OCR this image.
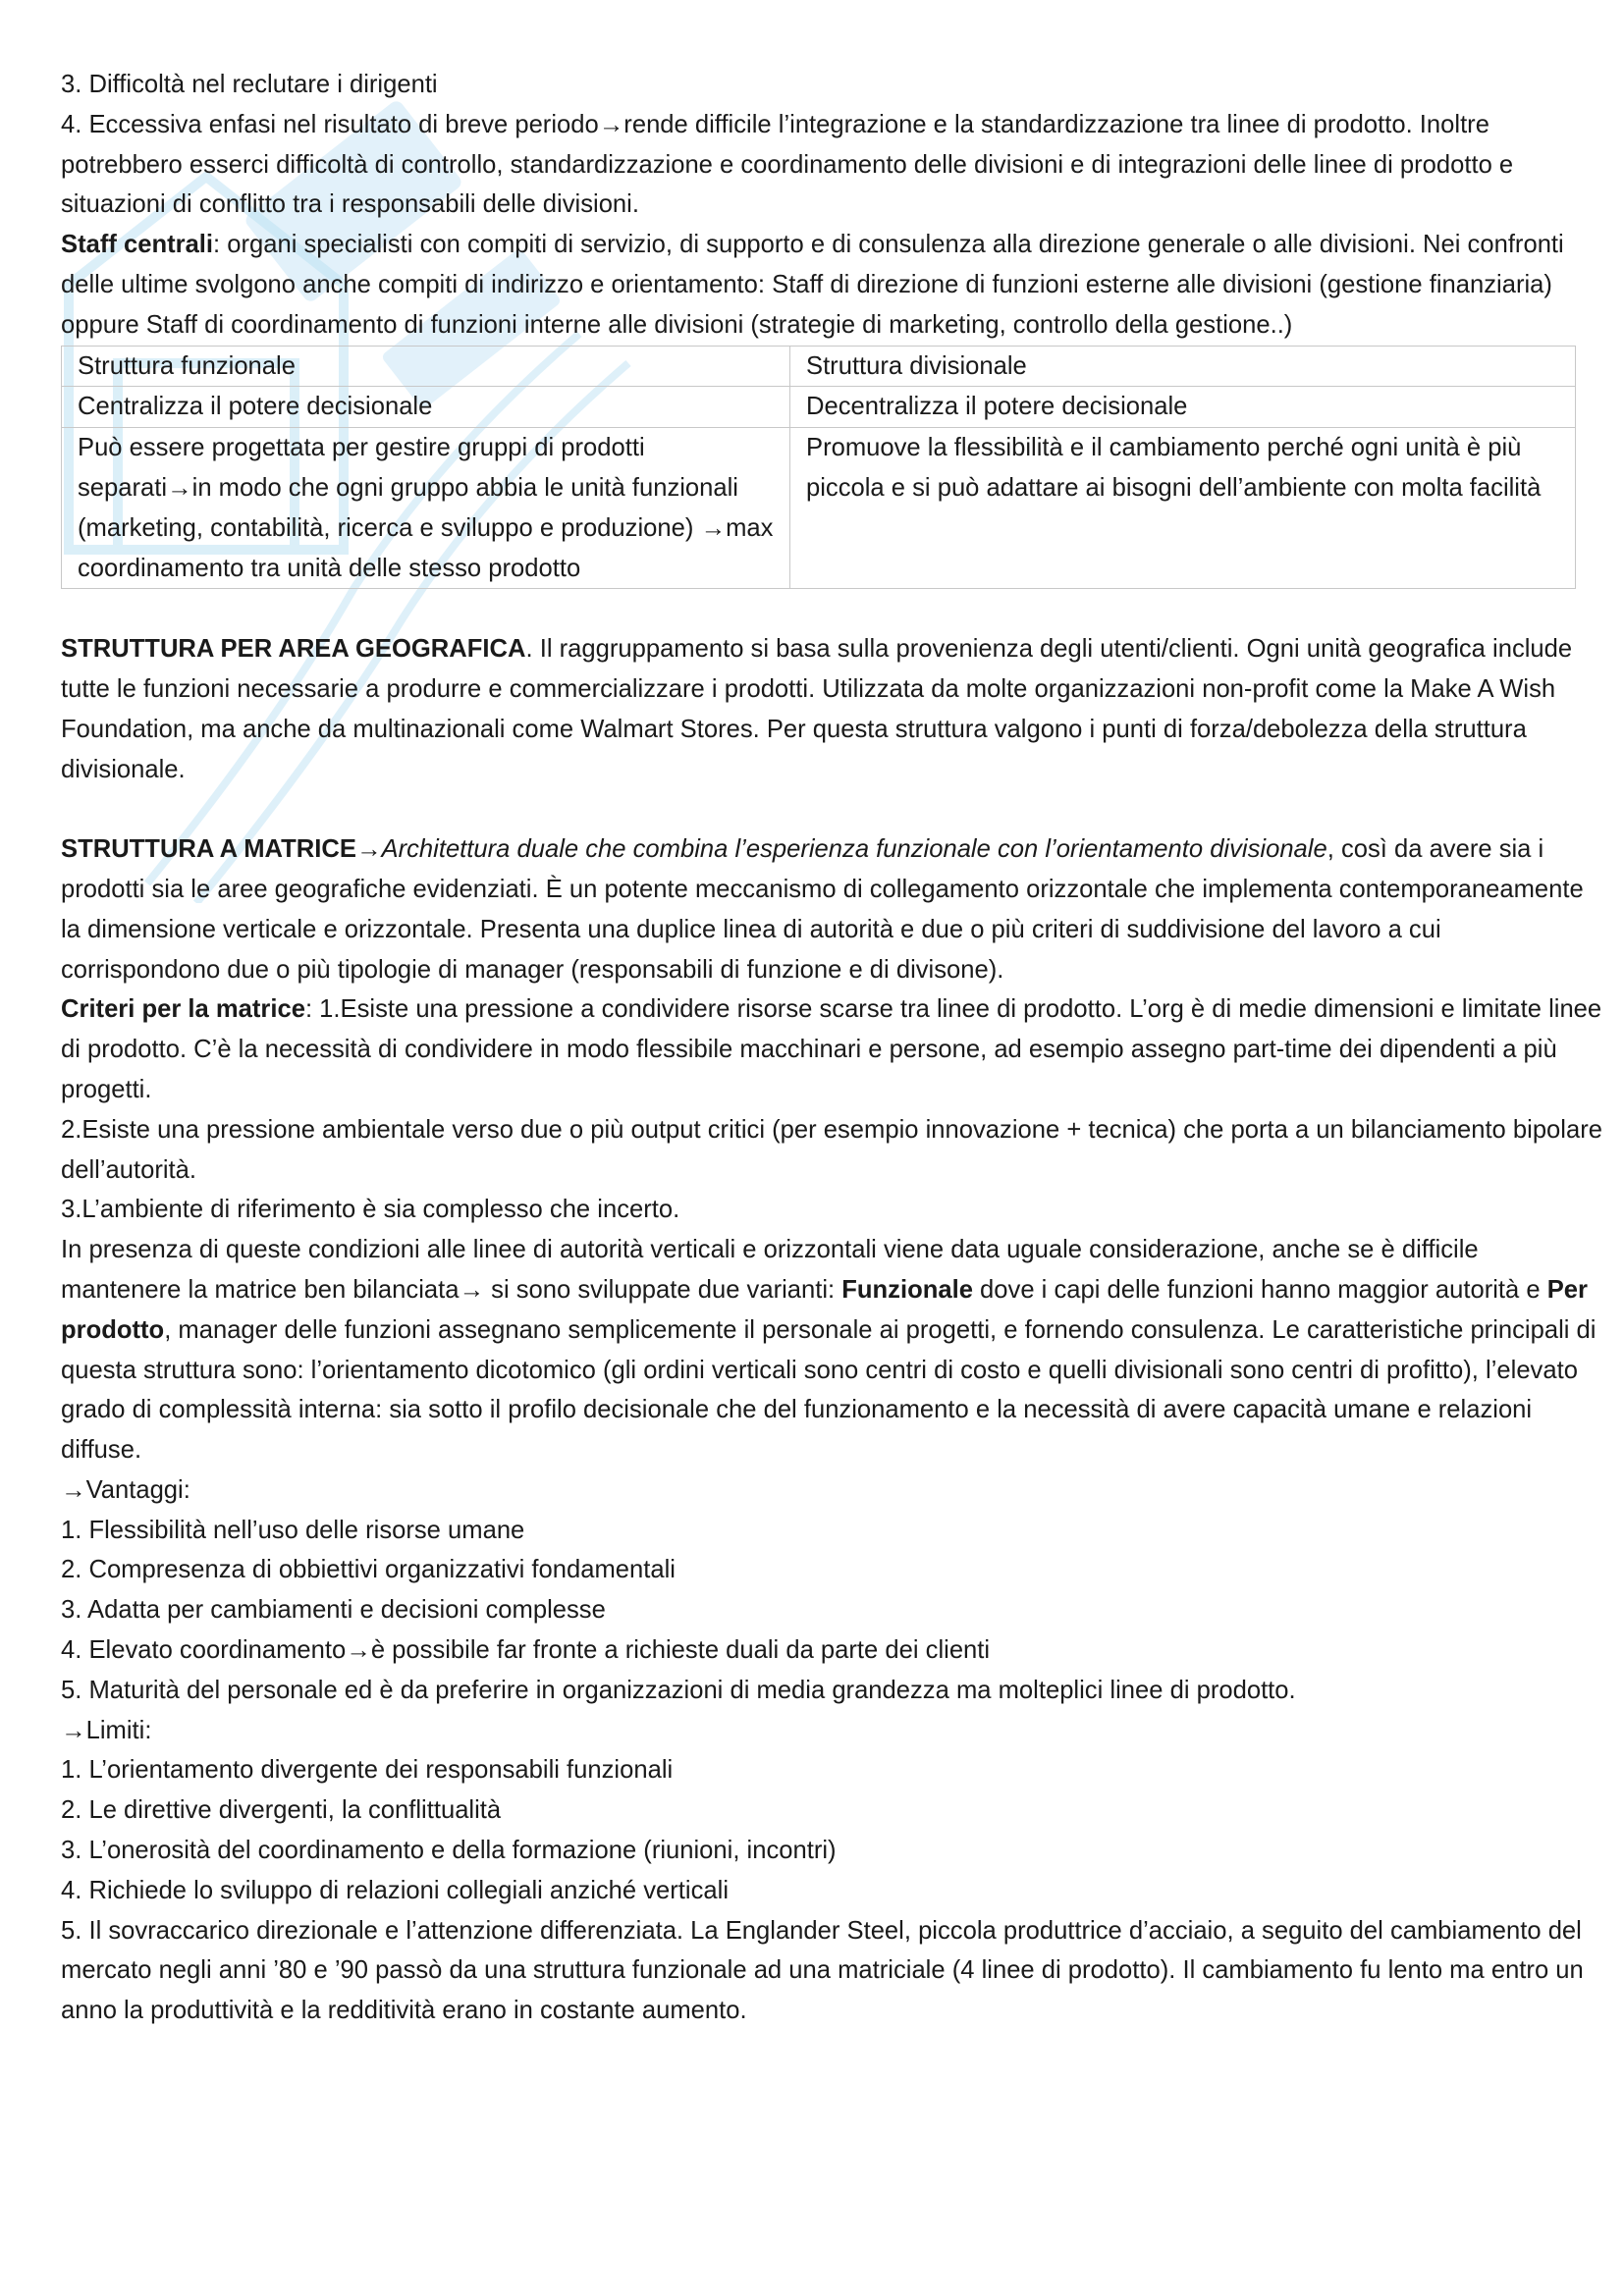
3. Difficoltà nel reclutare i dirigenti

4. Eccessiva enfasi nel risultato di breve periodo→rende difficile l’integrazione e la standardizzazione tra linee di prodotto. Inoltre potrebbero esserci difficoltà di controllo, standardizzazione e coordinamento delle divisioni e di integrazioni delle linee di prodotto e situazioni di conflitto tra i responsabili delle divisioni.

Staff centrali: organi specialisti con compiti di servizio, di supporto e di consulenza alla direzione generale o alle divisioni. Nei confronti delle ultime svolgono anche compiti di indirizzo e orientamento: Staff di direzione di funzioni esterne alle divisioni (gestione finanziaria) oppure Staff di coordinamento di funzioni interne alle divisioni (strategie di marketing, controllo della gestione..)

Struttura funzionale	Struttura divisionale
Centralizza il potere decisionale	Decentralizza il potere decisionale
Può essere progettata per gestire gruppi di prodotti separati→in modo che ogni gruppo abbia le unità funzionali (marketing, contabilità, ricerca e sviluppo e produzione) →max coordinamento tra unità delle stesso prodotto	Promuove la flessibilità e il cambiamento perché ogni unità è più piccola e si può adattare ai bisogni dell’ambiente con molta facilità

STRUTTURA PER AREA GEOGRAFICA. Il raggruppamento si basa sulla provenienza degli utenti/clienti. Ogni unità geografica include tutte le funzioni necessarie a produrre e commercializzare i prodotti. Utilizzata da molte organizzazioni non-profit come la Make A Wish Foundation, ma anche da multinazionali come Walmart Stores. Per questa struttura valgono i punti di forza/debolezza della struttura divisionale.

STRUTTURA A MATRICE→Architettura duale che combina l’esperienza funzionale con l’orientamento divisionale, così da avere sia i prodotti sia le aree geografiche evidenziati. È un potente meccanismo di collegamento orizzontale che implementa contemporaneamente la dimensione verticale e orizzontale. Presenta una duplice linea di autorità e due o più criteri di suddivisione del lavoro a cui corrispondono due o più tipologie di manager (responsabili di funzione e di divisone).

Criteri per la matrice: 1.Esiste una pressione a condividere risorse scarse tra linee di prodotto. L’org è di medie dimensioni e limitate linee di prodotto. C’è la necessità di condividere in modo flessibile macchinari e persone, ad esempio assegno part-time dei dipendenti a più progetti.

2.Esiste una pressione ambientale verso due o più output critici (per esempio innovazione + tecnica) che porta a un bilanciamento bipolare dell’autorità.

3.L’ambiente di riferimento è sia complesso che incerto.

In presenza di queste condizioni alle linee di autorità verticali e orizzontali viene data uguale considerazione, anche se è difficile mantenere la matrice ben bilanciata→ si sono sviluppate due varianti: Funzionale dove i capi delle funzioni hanno maggior autorità e Per prodotto, manager delle funzioni assegnano semplicemente il personale ai progetti, e fornendo consulenza. Le caratteristiche principali di questa struttura sono: l’orientamento dicotomico (gli ordini verticali sono centri di costo e quelli divisionali sono centri di profitto), l’elevato grado di complessità interna: sia sotto il profilo decisionale che del funzionamento e la necessità di avere capacità umane e relazioni diffuse.

→Vantaggi:

1. Flessibilità nell’uso delle risorse umane

2. Compresenza di obbiettivi organizzativi fondamentali

3. Adatta per cambiamenti e decisioni complesse

4. Elevato coordinamento→è possibile far fronte a richieste duali da parte dei clienti

5. Maturità del personale ed è da preferire in organizzazioni di media grandezza ma molteplici linee di prodotto.

→Limiti:

1. L’orientamento divergente dei responsabili funzionali

2. Le direttive divergenti, la conflittualità

3. L’onerosità del coordinamento e della formazione (riunioni, incontri)

4. Richiede lo sviluppo di relazioni collegiali anziché verticali

5. Il sovraccarico direzionale e l’attenzione differenziata. La Englander Steel, piccola produttrice d’acciaio, a seguito del cambiamento del mercato negli anni ’80 e ’90 passò da una struttura funzionale ad una matriciale (4 linee di prodotto). Il cambiamento fu lento ma entro un anno la produttività e la redditività erano in costante aumento.
